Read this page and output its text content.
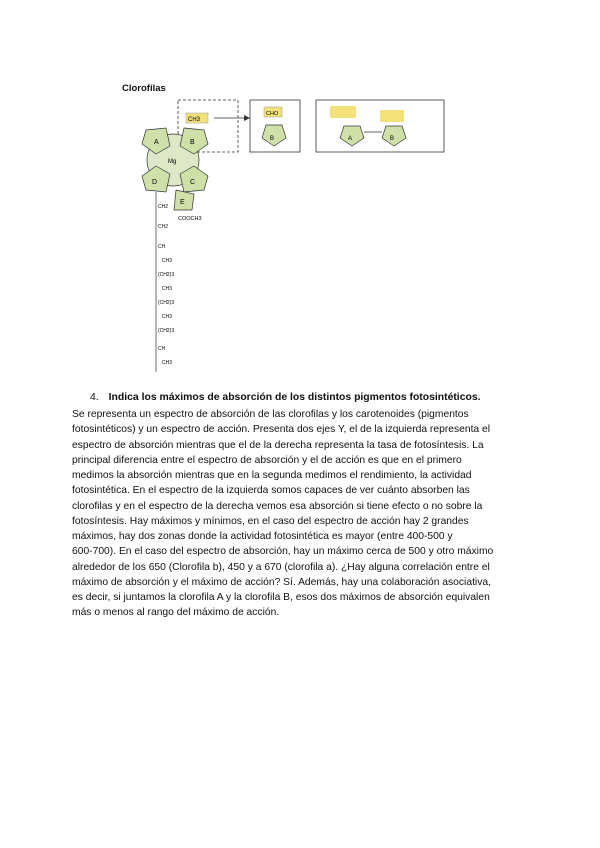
Clorofilas
CH3
CHO
B	A	B
A	B
C
D
E
Mg
COOCH3
CH2
CH2
CH
CH3
(CH2)3
CH3
(CH2)3
CH3
(CH2)3
CH
CH3
4. Indica los máximos de absorción de los distintos pigmentos fotosintéticos.
Se representa un espectro de absorción de las clorofilas y los carotenoides (pigmentos
fotosintéticos) y un espectro de acción. Presenta dos ejes Y, el de la izquierda representa el
espectro de absorción mientras que el de la derecha representa la tasa de fotosíntesis. La
principal diferencia entre el espectro de absorción y el de acción es que en el primero
medimos la absorción mientras que en la segunda medimos el rendimiento, la actividad
fotosintética. En el espectro de la izquierda somos capaces de ver cuánto absorben las
clorofilas y en el espectro de la derecha vemos esa absorción si tiene efecto o no sobre la
fotosíntesis. Hay máximos y mínimos, en el caso del espectro de acción hay 2 grandes
máximos, hay dos zonas donde la actividad fotosintética es mayor (entre 400-500 y
600-700). En el caso del espectro de absorción, hay un máximo cerca de 500 y otro máximo
alrededor de los 650 (Clorofila b), 450 y a 670 (clorofila a). ¿Hay alguna correlación entre el
máximo de absorción y el máximo de acción? Sí. Además, hay una colaboración asociativa,
es decir, si juntamos la clorofila A y la clorofila B, esos dos máximos de absorción equivalen
más o menos al rango del máximo de acción.
